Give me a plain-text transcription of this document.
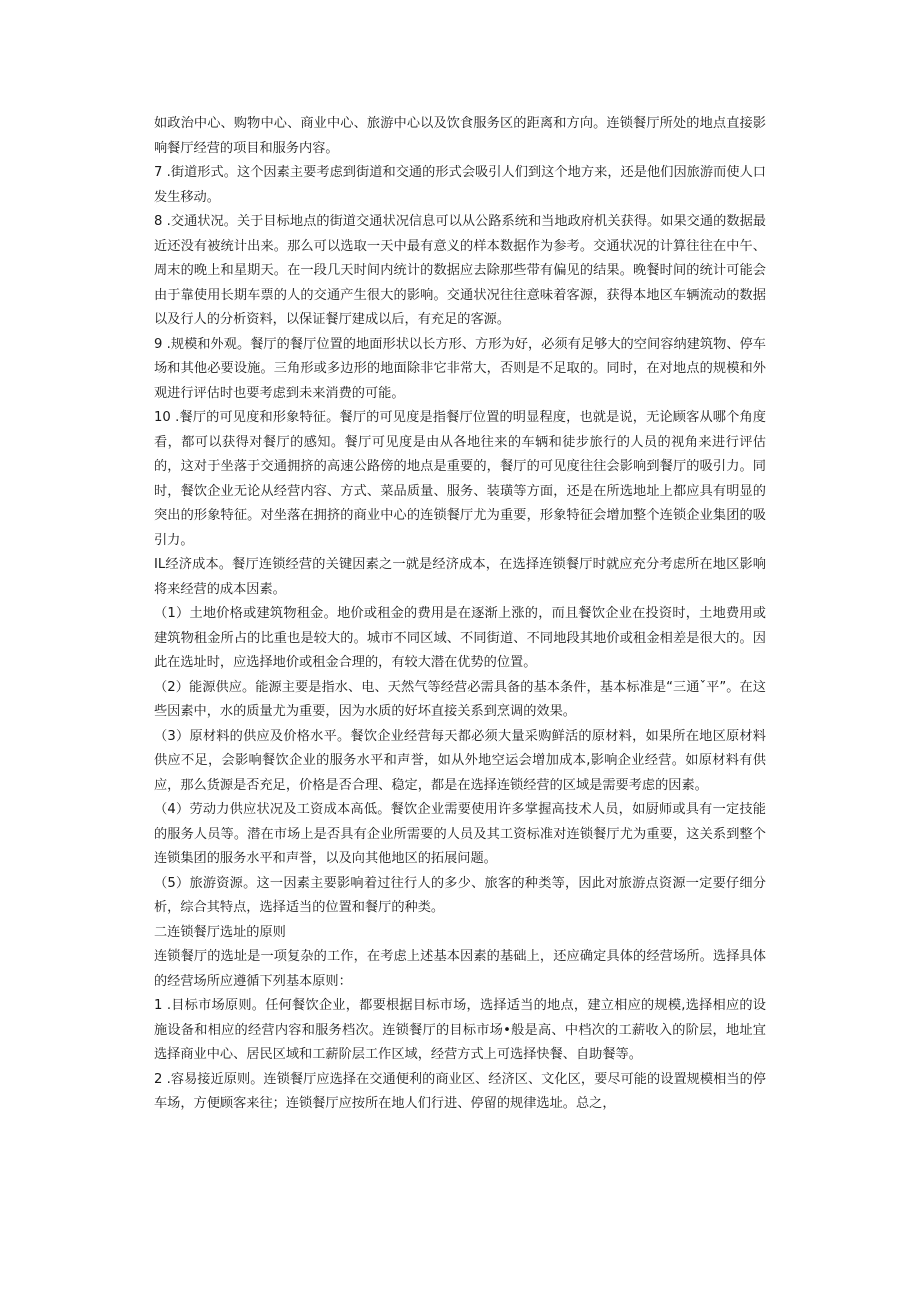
如政治中心、购物中心、商业中心、旅游中心以及饮食服务区的距离和方向。连锁餐厅所处的地点直接影响餐厅经营的项目和服务内容。

7 .街道形式。这个因素主要考虑到街道和交通的形式会吸引人们到这个地方来，还是他们因旅游而使人口发生移动。

8 .交通状况。关于目标地点的街道交通状况信息可以从公路系统和当地政府机关获得。如果交通的数据最近还没有被统计出来。那么可以选取一天中最有意义的样本数据作为参考。交通状况的计算往往在中午、周末的晚上和星期天。在一段几天时间内统计的数据应去除那些带有偏见的结果。晚餐时间的统计可能会由于靠使用长期车票的人的交通产生很大的影响。交通状况往往意味着客源，获得本地区车辆流动的数据以及行人的分析资料，以保证餐厅建成以后，有充足的客源。

9 .规模和外观。餐厅的餐厅位置的地面形状以长方形、方形为好，必须有足够大的空间容纳建筑物、停车场和其他必要设施。三角形或多边形的地面除非它非常大，否则是不足取的。同时，在对地点的规模和外观进行评估时也要考虑到未来消费的可能。

10 .餐厅的可见度和形象特征。餐厅的可见度是指餐厅位置的明显程度，也就是说，无论顾客从哪个角度看，都可以获得对餐厅的感知。餐厅可见度是由从各地往来的车辆和徒步旅行的人员的视角来进行评估的，这对于坐落于交通拥挤的高速公路傍的地点是重要的，餐厅的可见度往往会影响到餐厅的吸引力。同时，餐饮企业无论从经营内容、方式、菜品质量、服务、装璜等方面，还是在所选地址上都应具有明显的突出的形象特征。对坐落在拥挤的商业中心的连锁餐厅尤为重要，形象特征会增加整个连锁企业集团的吸引力。

IL经济成本。餐厅连锁经营的关键因素之一就是经济成本，在选择连锁餐厅时就应充分考虑所在地区影响将来经营的成本因素。

（1）土地价格或建筑物租金。地价或租金的费用是在逐渐上涨的，而且餐饮企业在投资时，土地费用或建筑物租金所占的比重也是较大的。城市不同区域、不同街道、不同地段其地价或租金相差是很大的。因此在选址时，应选择地价或租金合理的，有较大潜在优势的位置。

（2）能源供应。能源主要是指水、电、天然气等经营必需具备的基本条件，基本标准是“三通ˇ平”。在这些因素中，水的质量尤为重要，因为水质的好坏直接关系到烹调的效果。

（3）原材料的供应及价格水平。餐饮企业经营每天都必须大量采购鲜活的原材料，如果所在地区原材料供应不足，会影响餐饮企业的服务水平和声誉，如从外地空运会增加成本,影响企业经营。如原材料有供应，那么货源是否充足，价格是否合理、稳定，都是在选择连锁经营的区域是需要考虑的因素。

（4）劳动力供应状况及工资成本高低。餐饮企业需要使用许多掌握高技术人员，如厨师或具有一定技能的服务人员等。潜在市场上是否具有企业所需要的人员及其工资标准对连锁餐厅尤为重要，这关系到整个连锁集团的服务水平和声誉，以及向其他地区的拓展问题。

（5）旅游资源。这一因素主要影响着过往行人的多少、旅客的种类等，因此对旅游点资源一定要仔细分析，综合其特点，选择适当的位置和餐厅的种类。

二连锁餐厅选址的原则

连锁餐厅的选址是一项复杂的工作，在考虑上述基本因素的基础上，还应确定具体的经营场所。选择具体的经营场所应遵循下列基本原则：

1 .目标市场原则。任何餐饮企业，都要根据目标市场，选择适当的地点，建立相应的规模,选择相应的设施设备和相应的经营内容和服务档次。连锁餐厅的目标市场•般是高、中档次的工薪收入的阶层，地址宜选择商业中心、居民区域和工薪阶层工作区域，经营方式上可选择快餐、自助餐等。

2 .容易接近原则。连锁餐厅应选择在交通便利的商业区、经济区、文化区，要尽可能的设置规模相当的停车场，方便顾客来往；连锁餐厅应按所在地人们行进、停留的规律选址。总之，
